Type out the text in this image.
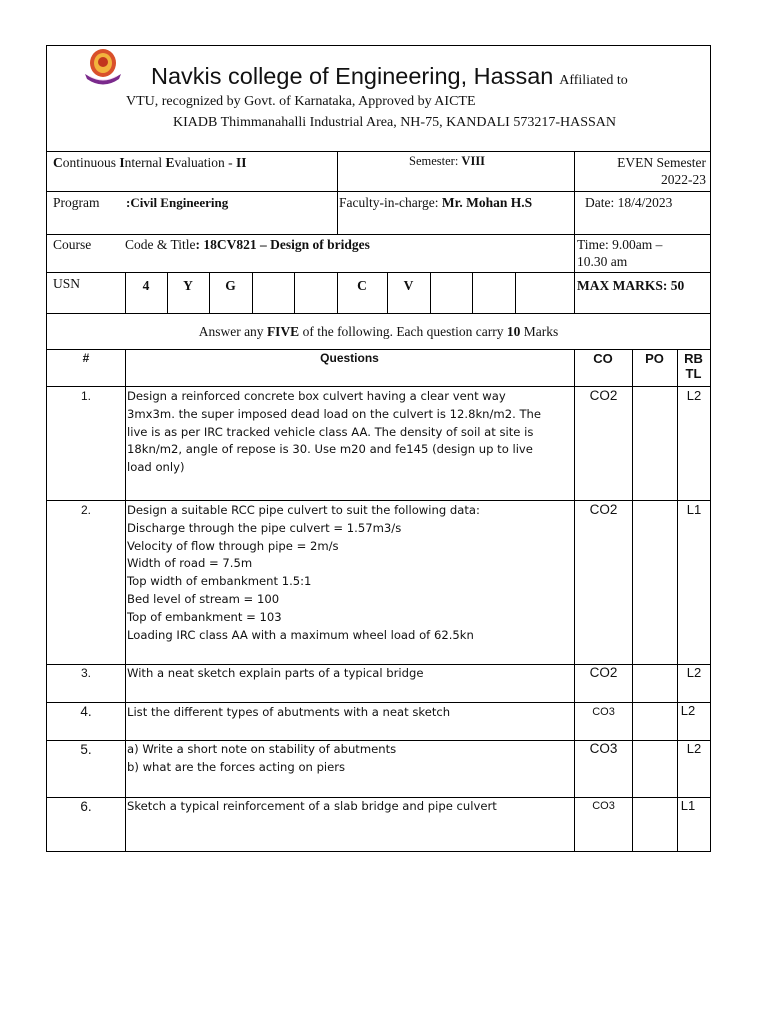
Navkis college of Engineering, Hassan Affiliated to
VTU, recognized by Govt. of Karnataka, Approved by AICTE
KIADB Thimmanahalli Industrial Area, NH-75, KANDALI 573217-HASSAN
Continuous Internal Evaluation - II	Semester: VIII	EVEN Semester
2022-23
Program :Civil Engineering	Faculty-in-charge: Mr. Mohan H.S	Date: 18/4/2023
Course	Code & Title: 18CV821 – Design of bridges	Time: 9.00am –
10.30 am
USN	4	Y	G	C	V	MAX MARKS: 50
Answer any FIVE of the following. Each question carry 10 Marks
#	Questions	CO	PO	RB
TL
1.	Design a reinforced concrete box culvert having a clear vent way
3mx3m. the super imposed dead load on the culvert is 12.8kn/m2. The
live is as per IRC tracked vehicle class AA. The density of soil at site is
18kn/m2, angle of repose is 30. Use m20 and fe145 (design up to live
load only)
CO2	L2
2.	Design a suitable RCC pipe culvert to suit the following data:
Discharge through the pipe culvert = 1.57m3/s
Velocity of flow through pipe = 2m/s
Width of road = 7.5m
Top width of embankment 1.5:1
Bed level of stream = 100
Top of embankment = 103
Loading IRC class AA with a maximum wheel load of 62.5kn
CO2	L1
3.	With a neat sketch explain parts of a typical bridge	CO2	L2
4.	List the different types of abutments with a neat sketch	CO3	L2
5.	a) Write a short note on stability of abutments
b) what are the forces acting on piers
CO3	L2
6.	Sketch a typical reinforcement of a slab bridge and pipe culvert	CO3	L1
